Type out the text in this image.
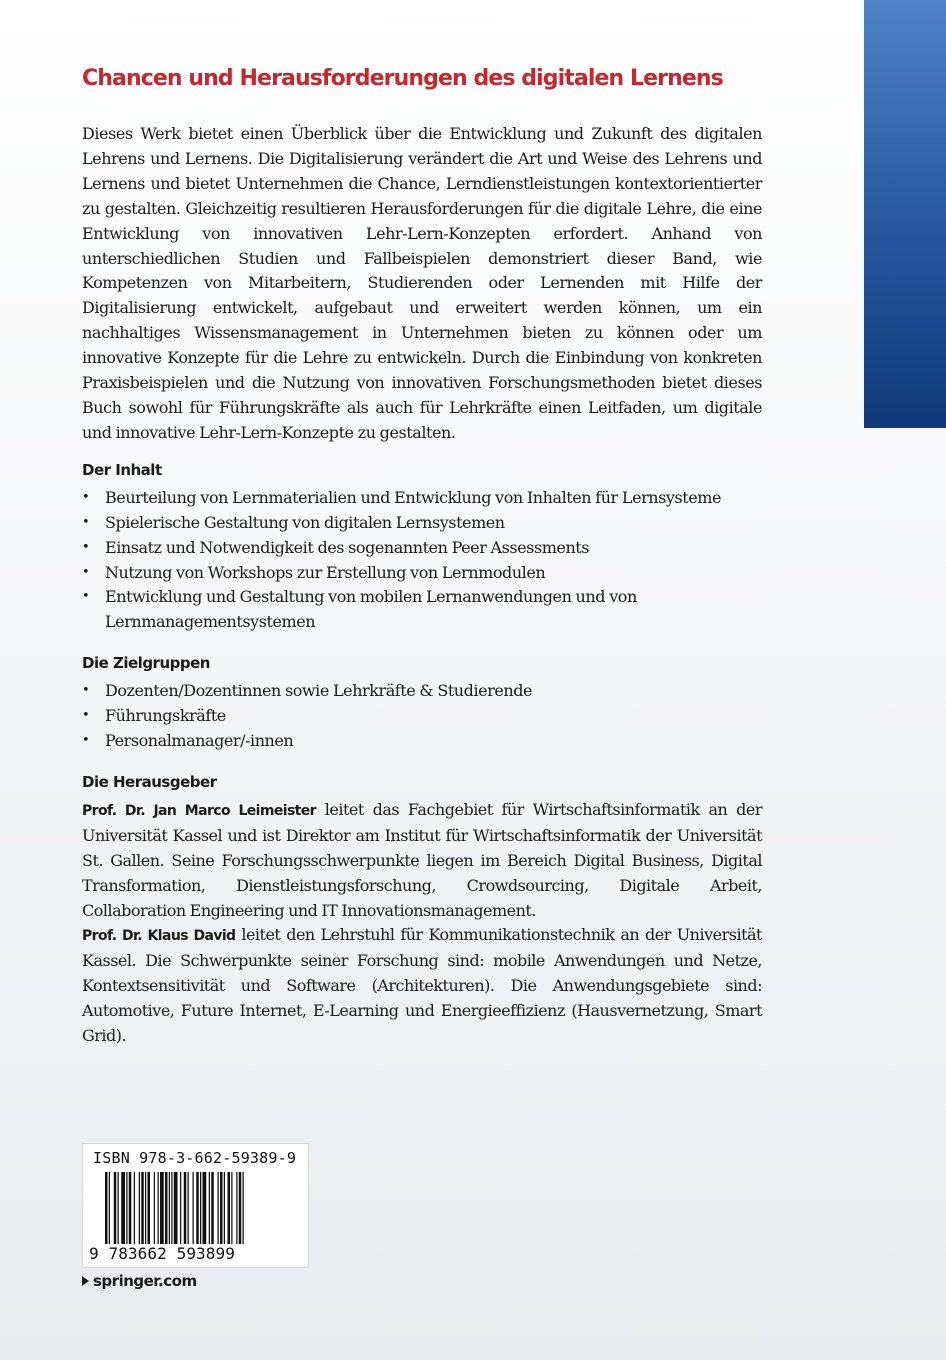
Chancen und Herausforderungen des digitalen Lernens

Dieses Werk bietet einen Überblick über die Entwicklung und Zukunft des digitalen Lehrens und Lernens. Die Digitalisierung verändert die Art und Weise des Lehrens und Lernens und bietet Unternehmen die Chance, Lerndienstleistungen kontextorientierter zu gestalten. Gleichzeitig resultieren Herausforderungen für die digitale Lehre, die eine Entwicklung von innovativen Lehr-Lern-Konzepten erfordert. Anhand von unterschiedlichen Studien und Fallbeispielen demonstriert dieser Band, wie Kompetenzen von Mitarbeitern, Studierenden oder Lernenden mit Hilfe der Digitalisierung entwickelt, aufgebaut und erweitert werden können, um ein nachhaltiges Wissensmanagement in Unternehmen bieten zu können oder um innovative Konzepte für die Lehre zu entwickeln. Durch die Einbindung von konkreten Praxisbeispielen und die Nutzung von innovativen Forschungsmethoden bietet dieses Buch sowohl für Führungskräfte als auch für Lehrkräfte einen Leitfaden, um digitale und innovative Lehr-Lern-Konzepte zu gestalten.

Der Inhalt
• Beurteilung von Lernmaterialien und Entwicklung von Inhalten für Lernsysteme
• Spielerische Gestaltung von digitalen Lernsystemen
• Einsatz und Notwendigkeit des sogenannten Peer Assessments
• Nutzung von Workshops zur Erstellung von Lernmodulen
• Entwicklung und Gestaltung von mobilen Lernanwendungen und von Lernmanagementsystemen
Die Zielgruppen
• Dozenten/Dozentinnen sowie Lehrkräfte & Studierende
• Führungskräfte
• Personalmanager/-innen
Die Herausgeber

Prof. Dr. Jan Marco Leimeister leitet das Fachgebiet für Wirtschaftsinformatik an der Universität Kassel und ist Direktor am Institut für Wirtschaftsinformatik der Universität St. Gallen. Seine Forschungsschwerpunkte liegen im Bereich Digital Business, Digital Transformation, Dienstleistungsforschung, Crowdsourcing, Digitale Arbeit, Collaboration Engineering und IT Innovationsmanagement.

Prof. Dr. Klaus David leitet den Lehrstuhl für Kommunikationstechnik an der Universität Kassel. Die Schwerpunkte seiner Forschung sind: mobile Anwendungen und Netze, Kontextsensitivität und Software (Architekturen). Die Anwendungsgebiete sind: Automotive, Future Internet, E-Learning und Energieeffizienz (Hausvernetzung, Smart Grid).

ISBN 978-3-662-59389-9
9 783662 593899
springer.com
